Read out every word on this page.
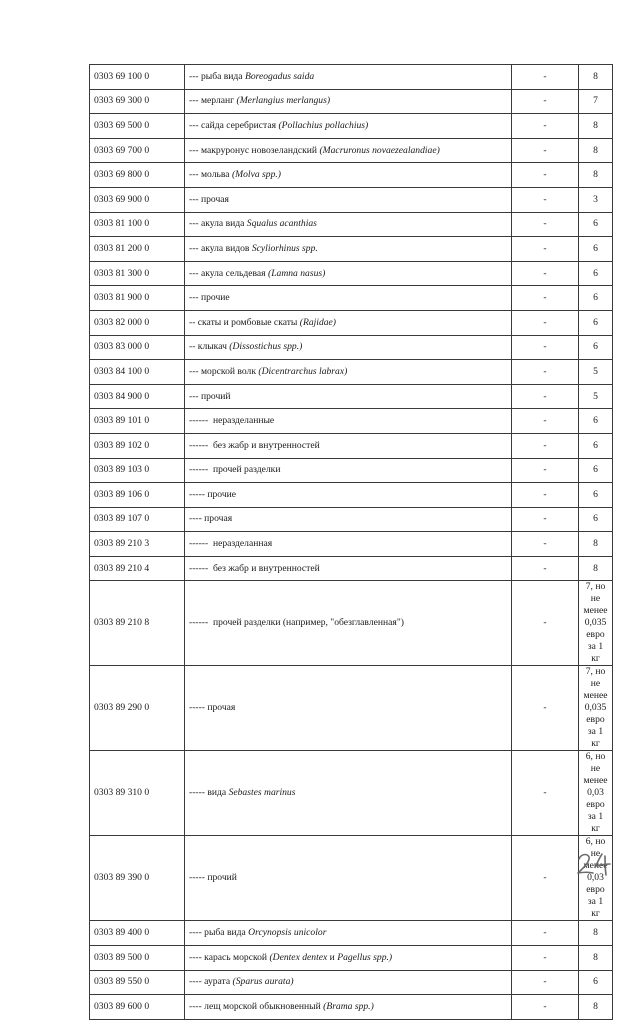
0303 69 100 0	--- рыба вида Boreogadus saida	-	8

0303 69 300 0	--- мерланг (Merlangius merlangus)	-	7

0303 69 500 0	--- сайда серебристая (Pollachius pollachius)	-	8

0303 69 700 0	--- макруронус новозеландский (Macruronus novaezealandiae)	-	8

0303 69 800 0	--- мольва (Molva spp.)	-	8

0303 69 900 0	--- прочая	-	3

0303 81 100 0	--- акула вида Squalus acanthias	-	6

0303 81 200 0	--- акула видов Scyliorhinus spp.	-	6

0303 81 300 0	--- акула сельдевая (Lamna nasus)	-	6

0303 81 900 0	--- прочие	-	6

0303 82 000 0	-- скаты и ромбовые скаты (Rajidae)	-	6

0303 83 000 0	-- клыкач (Dissostichus spp.)	-	6

0303 84 100 0	--- морской волк (Dicentrarchus labrax)	-	5

0303 84 900 0	--- прочий	-	5

0303 89 101 0	------  неразделанные	-	6

0303 89 102 0	------  без жабр и внутренностей	-	6

0303 89 103 0	------  прочей разделки	-	6

0303 89 106 0	----- прочие	-	6

0303 89 107 0	---- прочая	-	6

0303 89 210 3	------  неразделанная	-	8

0303 89 210 4	------  без жабр и внутренностей	-	8

0303 89 210 8	------  прочей разделки (например, "обезглавленная")	-	7, но не менее
0,035 евро за 1 кг

0303 89 290 0	----- прочая	-	7, но не менее
0,035 евро за 1 кг

0303 89 310 0	----- вида Sebastes marinus	-	6, но не менее
0,03 евро за 1 кг

0303 89 390 0	----- прочий	-	6, но не менее
0,03 евро за 1 кг

0303 89 400 0	---- рыба вида Orcynopsis unicolor	-	8

0303 89 500 0	---- карась морской (Dentex dentex и Pagellus spp.)	-	8

0303 89 550 0	---- аурата (Sparus aurata)	-	6

0303 89 600 0	---- лещ морской обыкновенный (Brama spp.)	-	8
